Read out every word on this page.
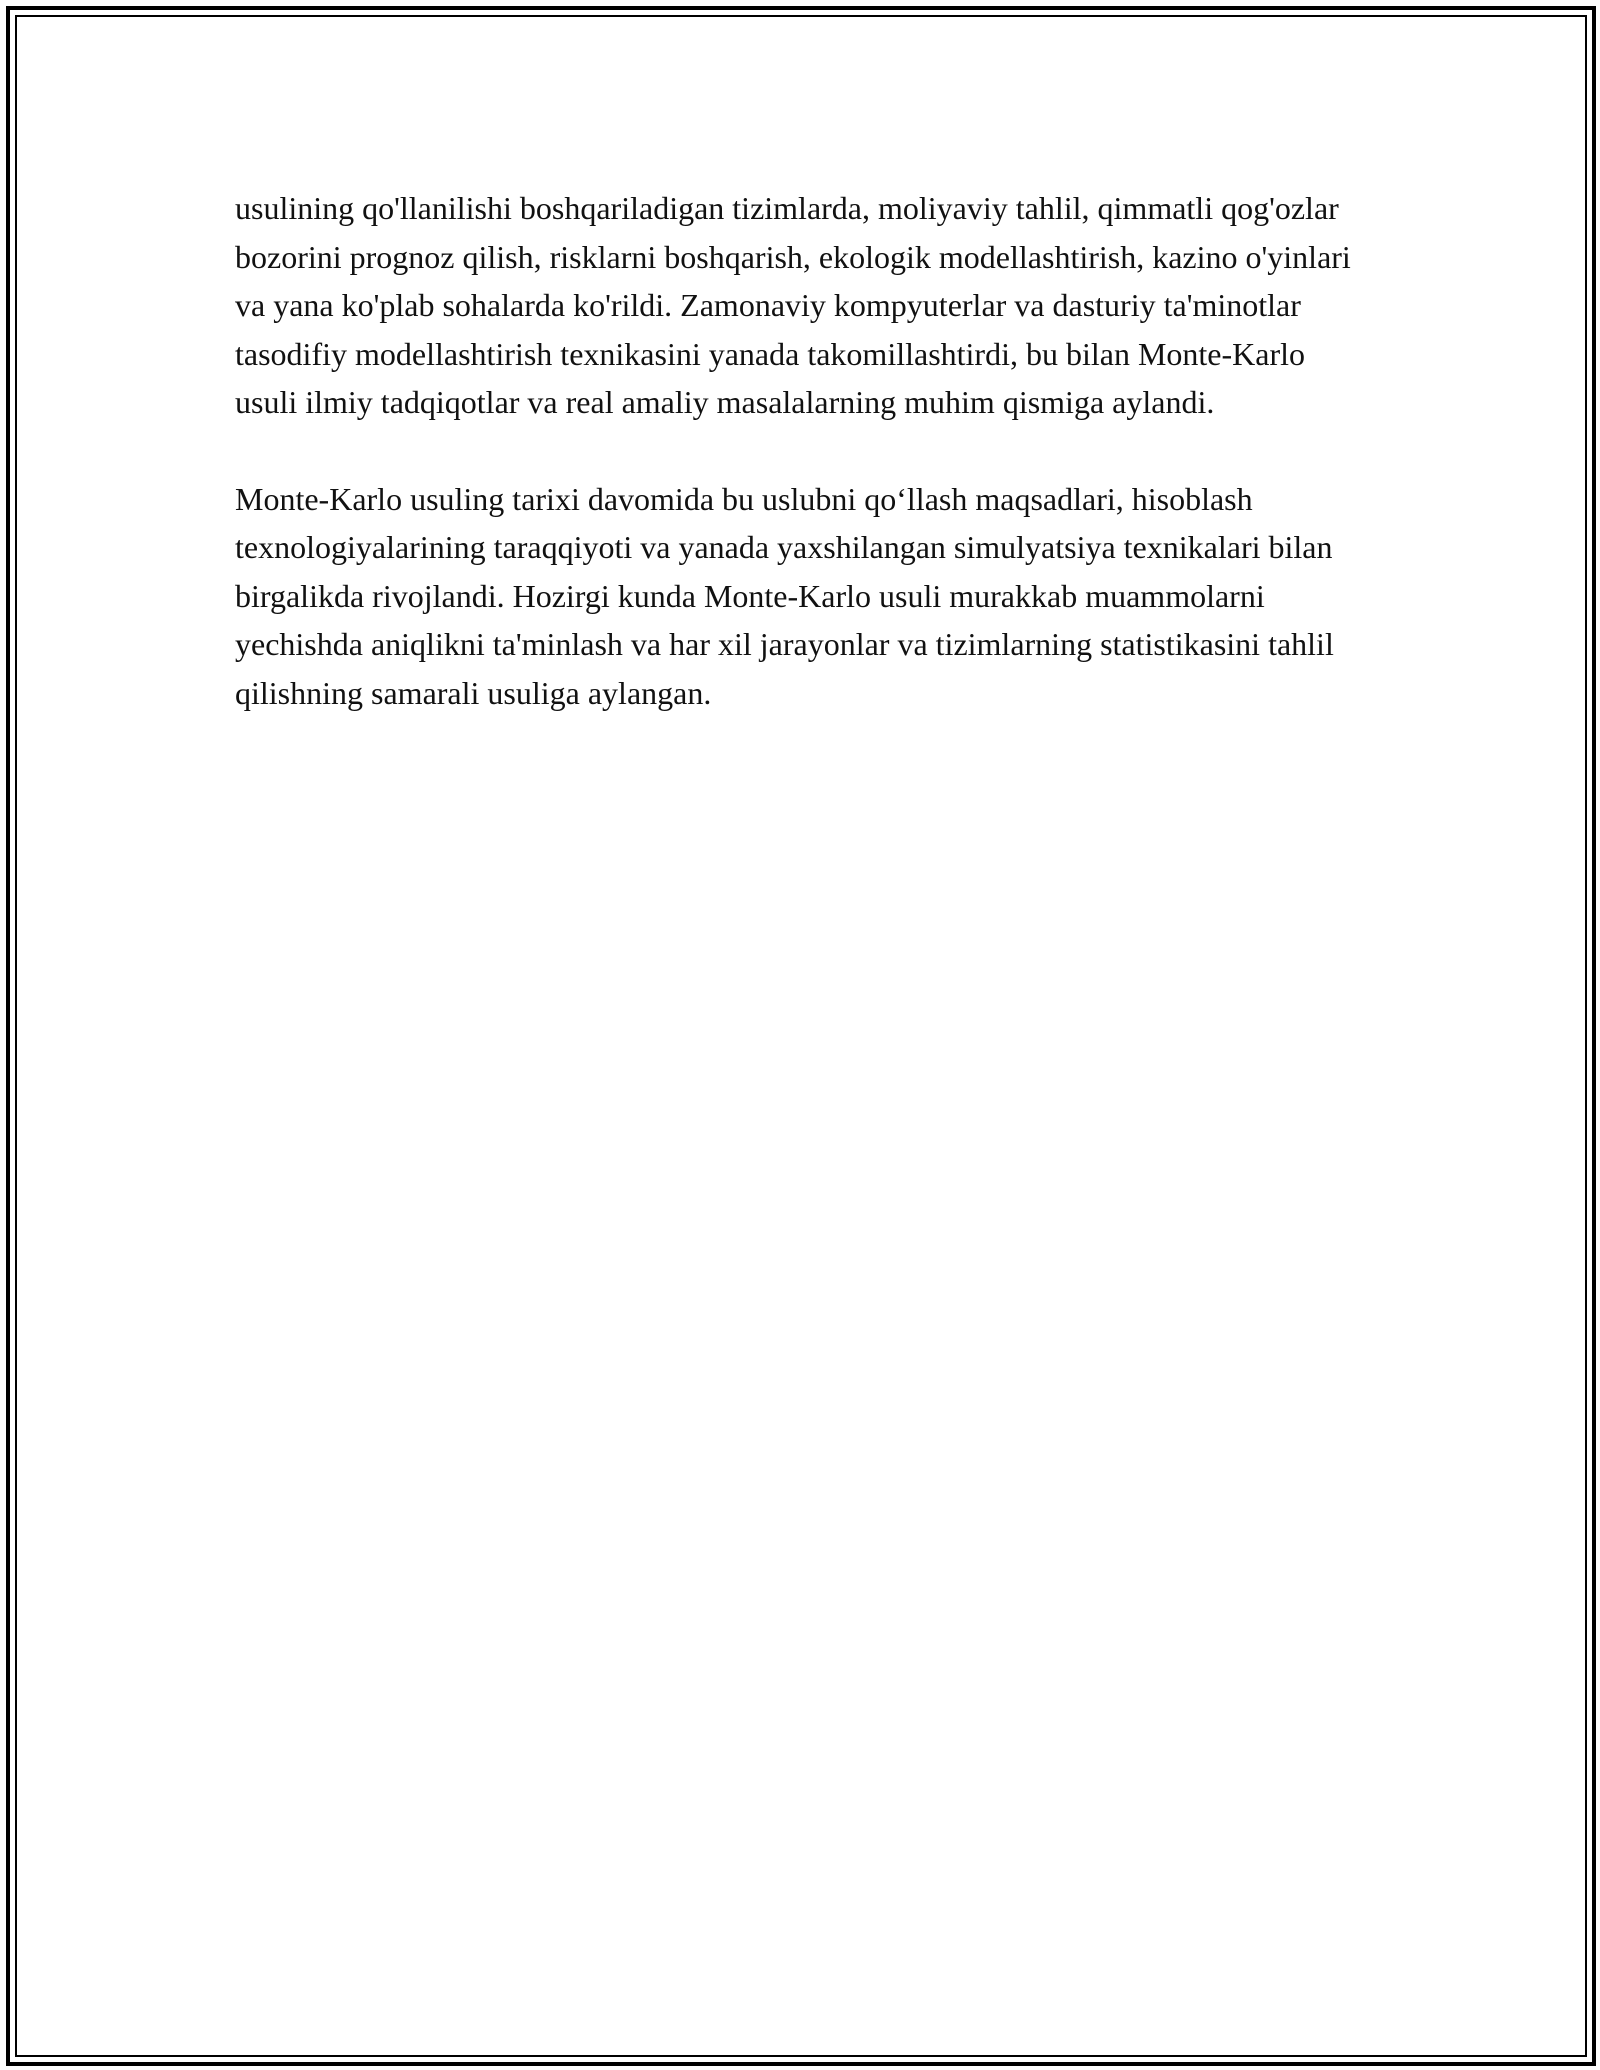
usulining qo'llanilishi boshqariladigan tizimlarda, moliyaviy tahlil, qimmatli qog'ozlar bozorini prognoz qilish, risklarni boshqarish, ekologik modellashtirish, kazino o'yinlari va yana ko'plab sohalarda ko'rildi. Zamonaviy kompyuterlar va dasturiy ta'minotlar tasodifiy modellashtirish texnikasini yanada takomillashtirdi, bu bilan Monte-Karlo usuli ilmiy tadqiqotlar va real amaliy masalalarning muhim qismiga aylandi.

Monte-Karlo usuling tarixi davomida bu uslubni qo‘llash maqsadlari, hisoblash texnologiyalarining taraqqiyoti va yanada yaxshilangan simulyatsiya texnikalari bilan birgalikda rivojlandi. Hozirgi kunda Monte-Karlo usuli murakkab muammolarni yechishda aniqlikni ta'minlash va har xil jarayonlar va tizimlarning statistikasini tahlil qilishning samarali usuliga aylangan.
